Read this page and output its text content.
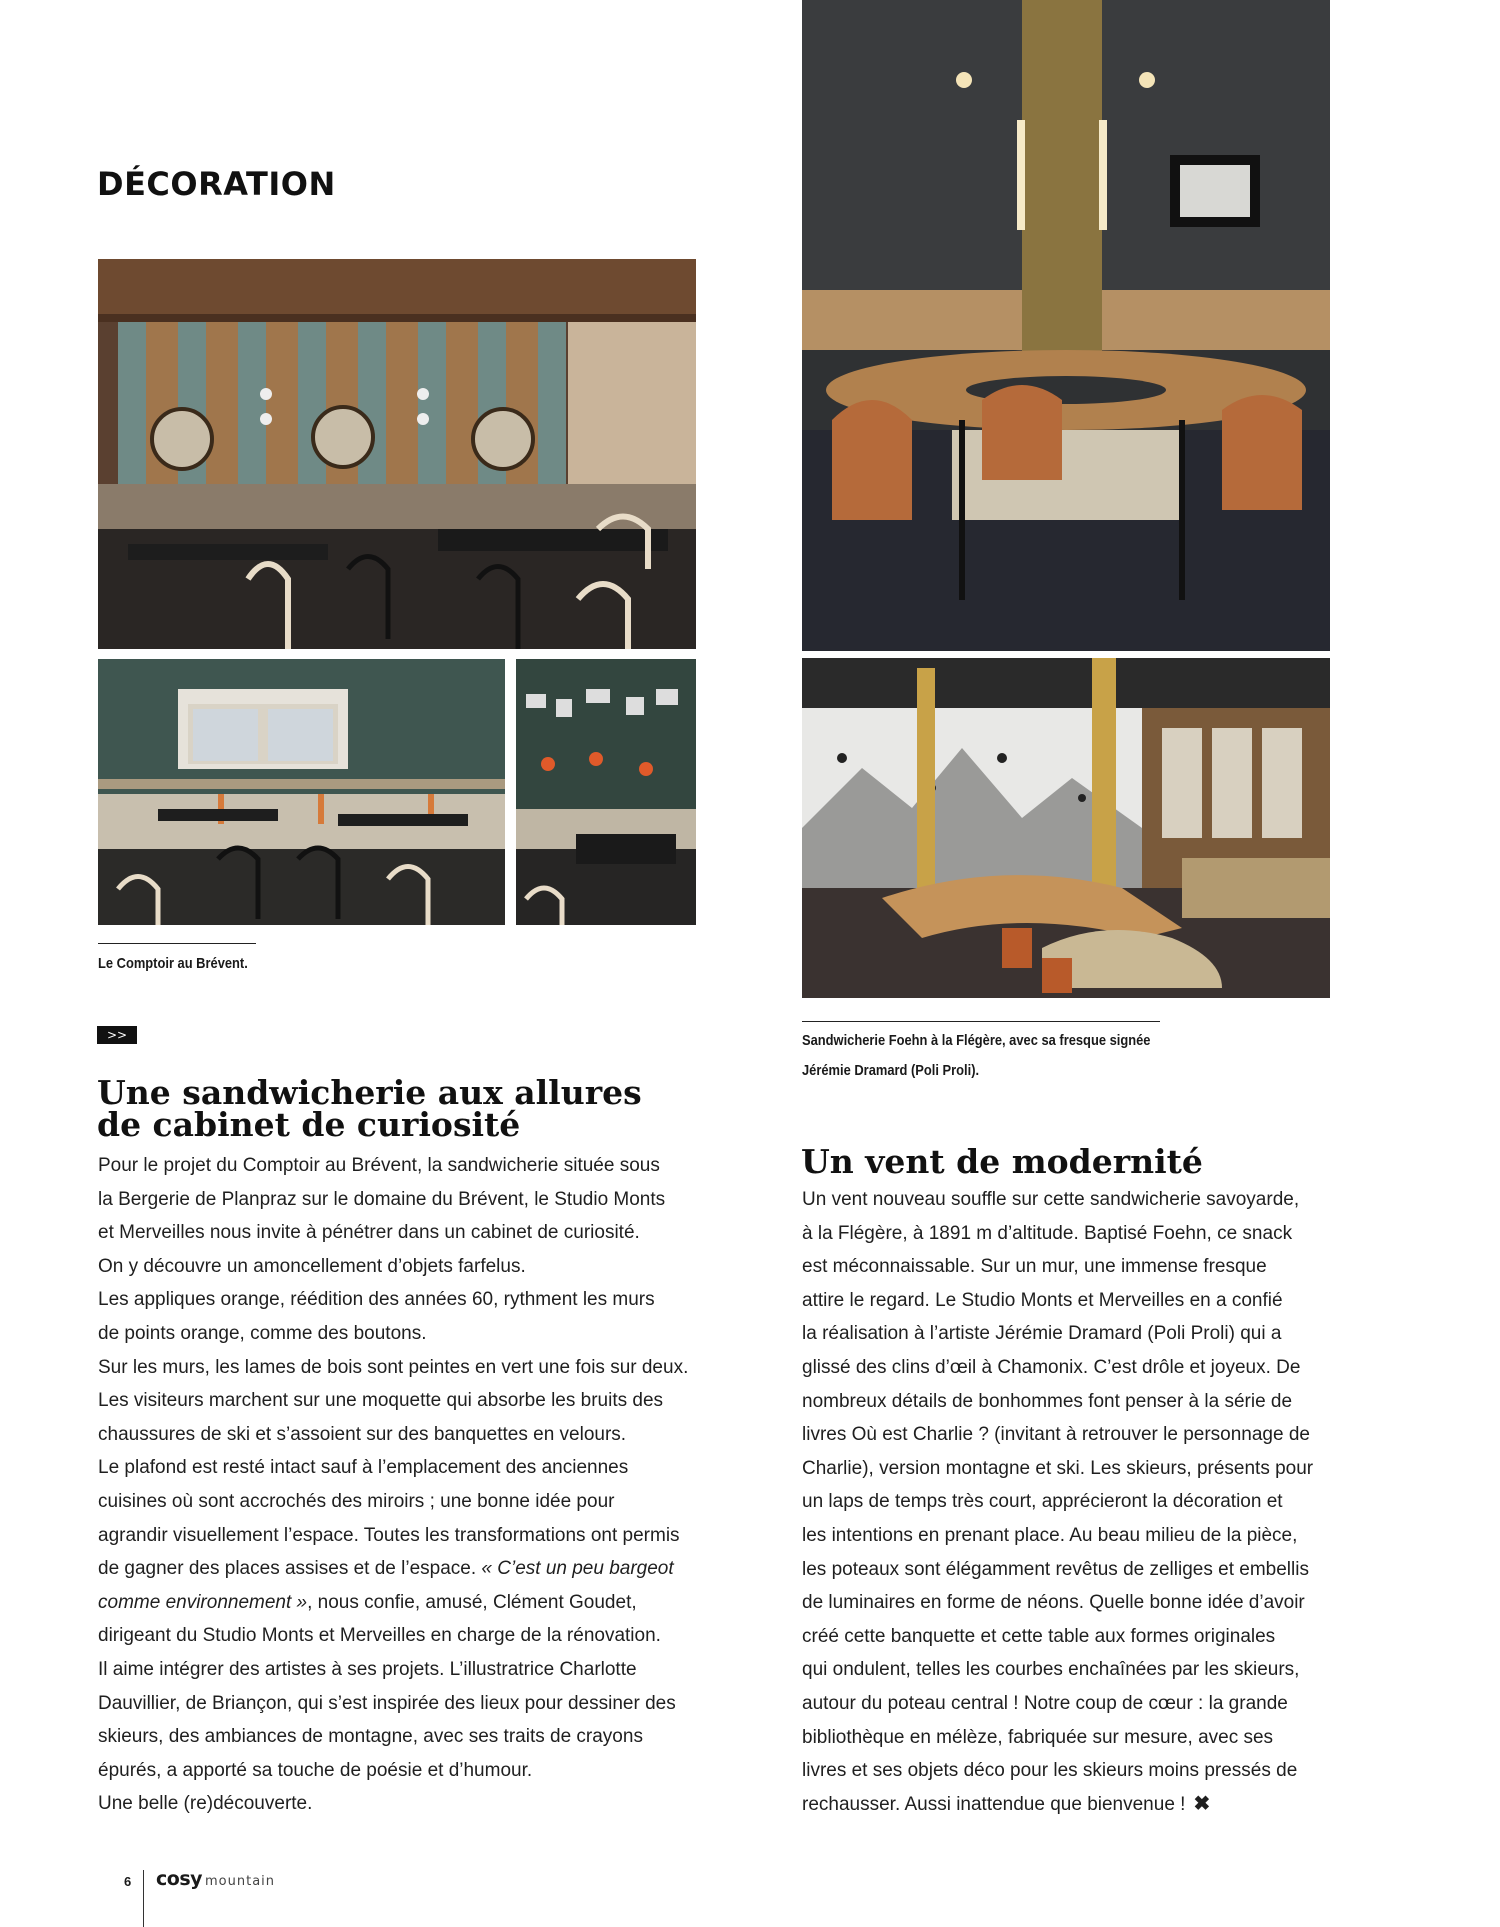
DÉCORATION
Le Comptoir au Brévent.
>>
Une sandwicherie aux allures
de cabinet de curiosité

Pour le projet du Comptoir au Brévent, la sandwicherie située sous

la Bergerie de Planpraz sur le domaine du Brévent, le Studio Monts

et Merveilles nous invite à pénétrer dans un cabinet de curiosité.

On y découvre un amoncellement d’objets farfelus.

Les appliques orange, réédition des années 60, rythment les murs

de points orange, comme des boutons.

Sur les murs, les lames de bois sont peintes en vert une fois sur deux.

Les visiteurs marchent sur une moquette qui absorbe les bruits des

chaussures de ski et s’assoient sur des banquettes en velours.

Le plafond est resté intact sauf à l’emplacement des anciennes

cuisines où sont accrochés des miroirs ; une bonne idée pour

agrandir visuellement l’espace. Toutes les transformations ont permis

de gagner des places assises et de l’espace. « C’est un peu bargeot

comme environnement », nous confie, amusé, Clément Goudet,

dirigeant du Studio Monts et Merveilles en charge de la rénovation.

Il aime intégrer des artistes à ses projets. L’illustratrice Charlotte

Dauvillier, de Briançon, qui s’est inspirée des lieux pour dessiner des

skieurs, des ambiances de montagne, avec ses traits de crayons

épurés, a apporté sa touche de poésie et d’humour.

Une belle (re)découverte.

Sandwicherie Foehn à la Flégère, avec sa fresque signée
Jérémie Dramard (Poli Proli).
Un vent de modernité

Un vent nouveau souffle sur cette sandwicherie savoyarde,

à la Flégère, à 1891 m d’altitude. Baptisé Foehn, ce snack

est méconnaissable. Sur un mur, une immense fresque

attire le regard. Le Studio Monts et Merveilles en a confié

la réalisation à l’artiste Jérémie Dramard (Poli Proli) qui a

glissé des clins d’œil à Chamonix. C’est drôle et joyeux. De

nombreux détails de bonhommes font penser à la série de

livres Où est Charlie ? (invitant à retrouver le personnage de

Charlie), version montagne et ski. Les skieurs, présents pour

un laps de temps très court, apprécieront la décoration et

les intentions en prenant place. Au beau milieu de la pièce,

les poteaux sont élégamment revêtus de zelliges et embellis

de luminaires en forme de néons. Quelle bonne idée d’avoir

créé cette banquette et cette table aux formes originales

qui ondulent, telles les courbes enchaînées par les skieurs,

autour du poteau central ! Notre coup de cœur : la grande

bibliothèque en mélèze, fabriquée sur mesure, avec ses

livres et ses objets déco pour les skieurs moins pressés de

rechausser. Aussi inattendue que bienvenue ! ✖

6 cosy mountain
